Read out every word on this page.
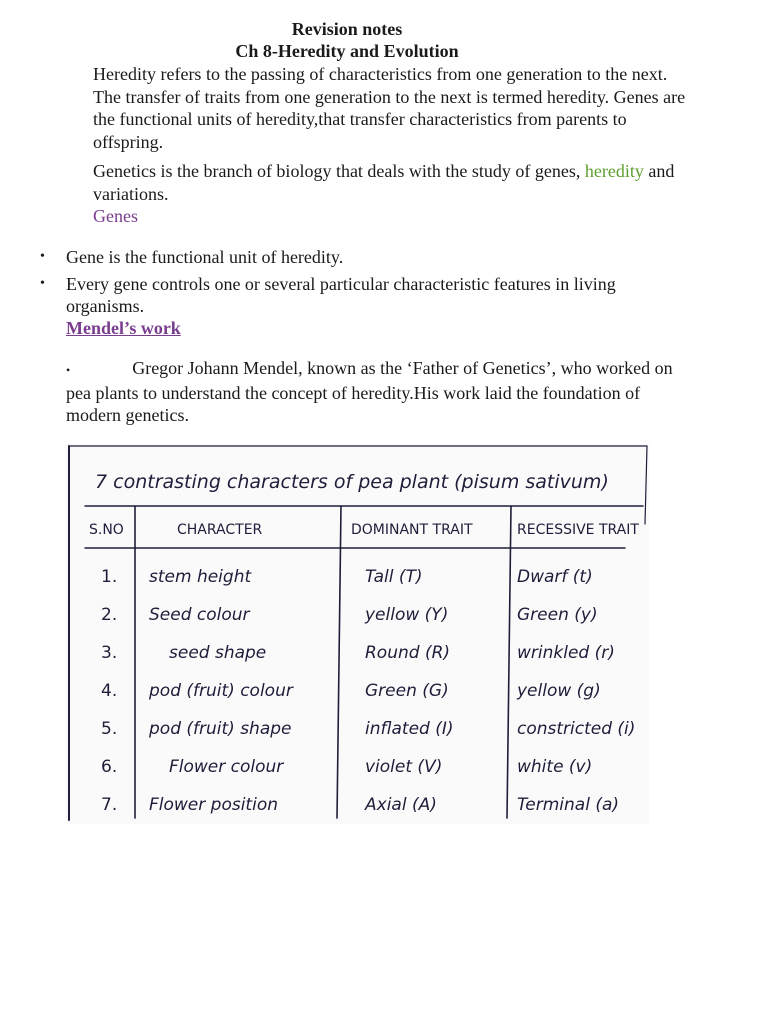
Revision notes
Ch 8-Heredity and Evolution

Heredity refers to the passing of characteristics from one generation to the next. The transfer of traits from one generation to the next is termed heredity. Genes are the functional units of heredity,that transfer characteristics from parents to offspring.

Genetics is the branch of biology that deals with the study of genes, heredity and variations.

Genes
• Gene is the functional unit of heredity.
• Every gene controls one or several particular characteristic features in living organisms.
Mendel’s work
•	Gregor Johann Mendel, known as the ‘Father of Genetics’, who worked on pea plants to understand the concept of heredity.His work laid the foundation of modern genetics.
7 contrasting characters of pea plant (pisum sativum)
S.NO	CHARACTER	DOMINANT TRAIT	RECESSIVE TRAIT
1. stem height	Tall (T)	Dwarf (t)
2. Seed colour	yellow (Y)	Green (y)
3.	seed shape	Round (R)	wrinkled (r)
4. pod (fruit) colour	Green (G)	yellow (g)
5. pod (fruit) shape	inflated (I)	constricted (i)
6.	Flower colour	violet (V)	white (v)
7. Flower position	Axial (A)	Terminal (a)
